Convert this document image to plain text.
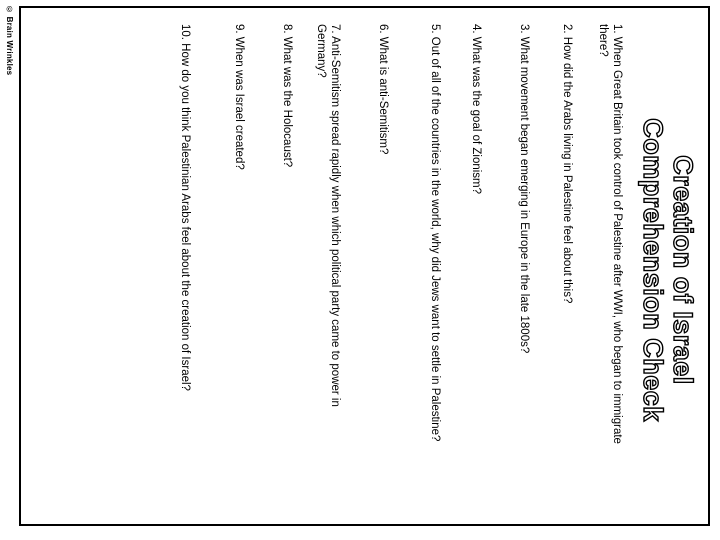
© Brain Wrinkles
Creation of Israel
Comprehension Check
1. When Great Britain took control of Palestine after WWI, who began to immigrate there?
2. How did the Arabs living in Palestine feel about this?
3. What movement began emerging in Europe in the late 1800s?
4. What was the goal of Zionism?
5. Out of all of the countries in the world, why did Jews want to settle in Palestine?
6. What is anti-Semitism?
7. Anti-Semitism spread rapidly when which political party came to power in Germany?
8. What was the Holocaust?
9. When was Israel created?
10. How do you think Palestinian Arabs feel about the creation of Israel?
